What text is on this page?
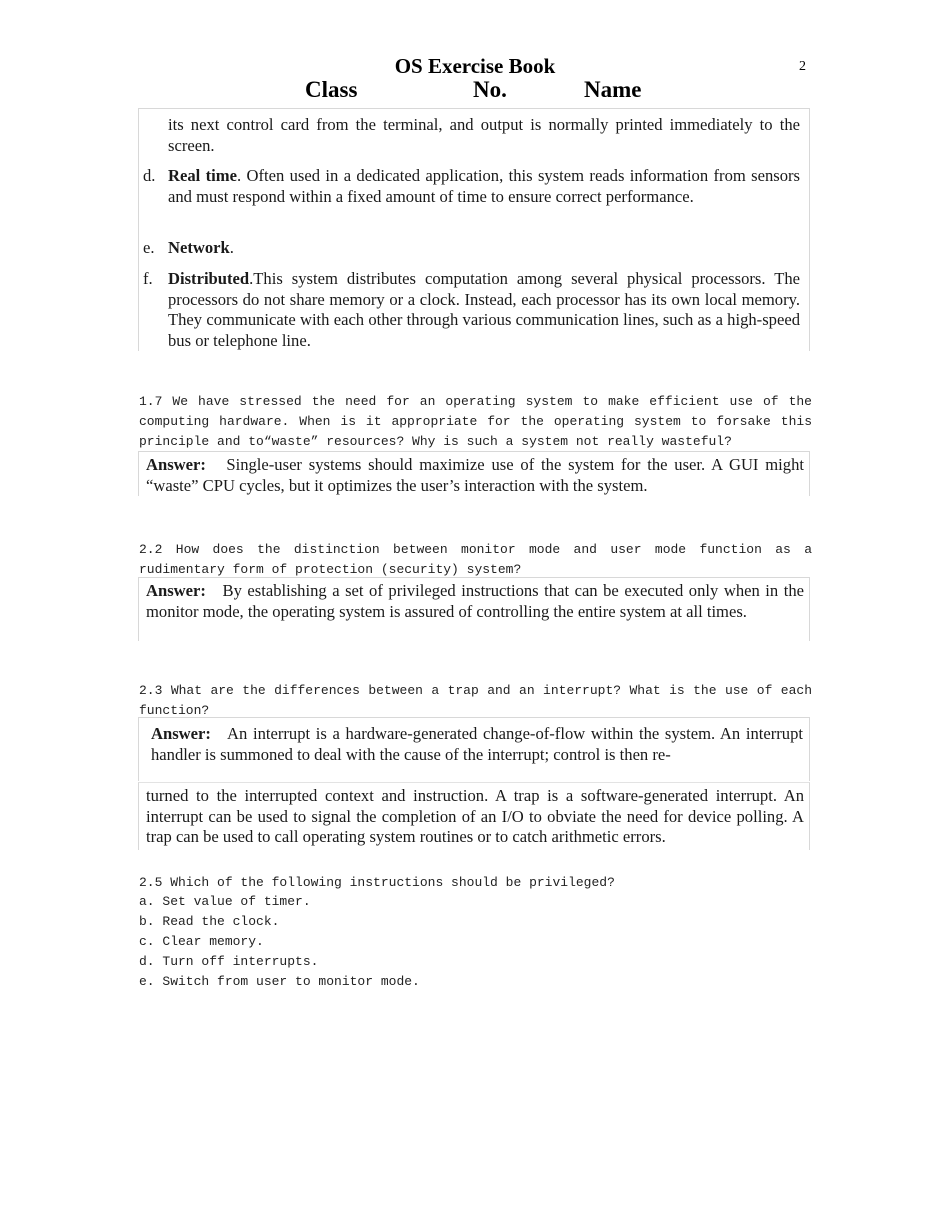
OS Exercise Book	2
Class	No.	Name
its next control card from the terminal, and output is normally printed immediately to the screen.
d. Real time. Often used in a dedicated application, this system reads information from sensors and must respond within a fixed amount of time to ensure correct performance.
e. Network.
f. Distributed.This system distributes computation among several physical processors. The processors do not share memory or a clock. Instead, each processor has its own local memory. They communicate with each other through various communication lines, such as a high-speed bus or telephone line.
1.7 We have stressed the need for an operating system to make efficient use of the computing hardware. When is it appropriate for the operating system to forsake this principle and to“waste” resources? Why is such a system not really wasteful?
Answer: Single-user systems should maximize use of the system for the user. A GUI might “waste” CPU cycles, but it optimizes the user’s interaction with the system.
2.2 How does the distinction between monitor mode and user mode function as a rudimentary form of protection (security) system?
Answer: By establishing a set of privileged instructions that can be executed only when in the monitor mode, the operating system is assured of controlling the entire system at all times.
2.3 What are the differences between a trap and an interrupt? What is the use of each function?
Answer: An interrupt is a hardware-generated change-of-flow within the system. An interrupt handler is summoned to deal with the cause of the interrupt; control is then re-
turned to the interrupted context and instruction. A trap is a software-generated interrupt. An interrupt can be used to signal the completion of an I/O to obviate the need for device polling. A trap can be used to call operating system routines or to catch arithmetic errors.
2.5 Which of the following instructions should be privileged?
a. Set value of timer.
b. Read the clock.
c. Clear memory.
d. Turn off interrupts.
e. Switch from user to monitor mode.
